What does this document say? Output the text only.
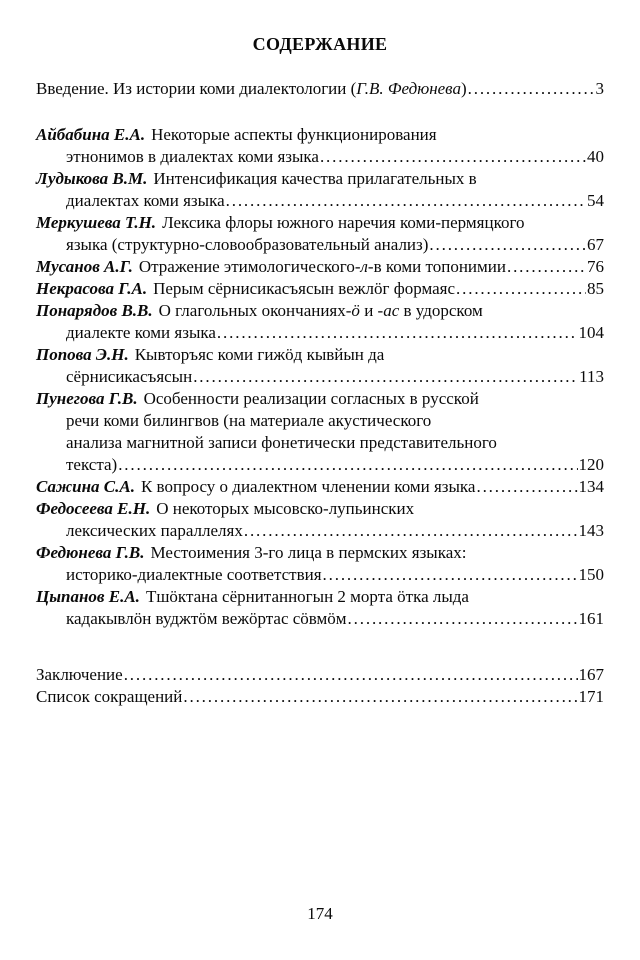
СОДЕРЖАНИЕ
Введение. Из истории коми диалектологии ( Г.В. Федюнева ) . . .	3
Айбабина Е.А. Некоторые аспекты функционирования
этнонимов в диалектах коми языка . . .	40
Лудыкова В.М. Интенсификация качества прилагательных в
диалектах коми языка . . .	54
Меркушева Т.Н. Лексика флоры южного наречия коми-пермяцкого
языка (структурно-словообразовательный анализ) . . .	67
Мусанов А.Г. Отражение этимологического -л- в коми топонимии . . .	76
Некрасова Г.А. Перым сёрнисикасъясын вежлӧг формаяс . . .	85
Понарядов В.В. О глагольных окончаниях -ӧ и -ас в удорском
диалекте коми языка . . .	104
Попова Э.Н. Кывторъяс коми гижӧд кывйын да
сёрнисикасъясын . . .	113
Пунегова Г.В. Особенности реализации согласных в русской
речи коми билингвов (на материале акустического
анализа магнитной записи фонетически представительного
текста) . . .	120
Сажина С.А. К вопросу о диалектном членении коми языка . . .	134
Федосеева Е.Н. О некоторых мысовско-лупьинских
лексических параллелях . . .	143
Федюнева Г.В. Местоимения 3-го лица в пермских языках:
историко-диалектные соответствия . . .	150
Цыпанов Е.А. Тшӧктана сёрнитанногын 2 морта ӧтка лыда
кадакывлӧн вуджтӧм вежӧртас сӧвмӧм . . .	161
Заключение . . .	167
Список сокращений . . .	171
174
